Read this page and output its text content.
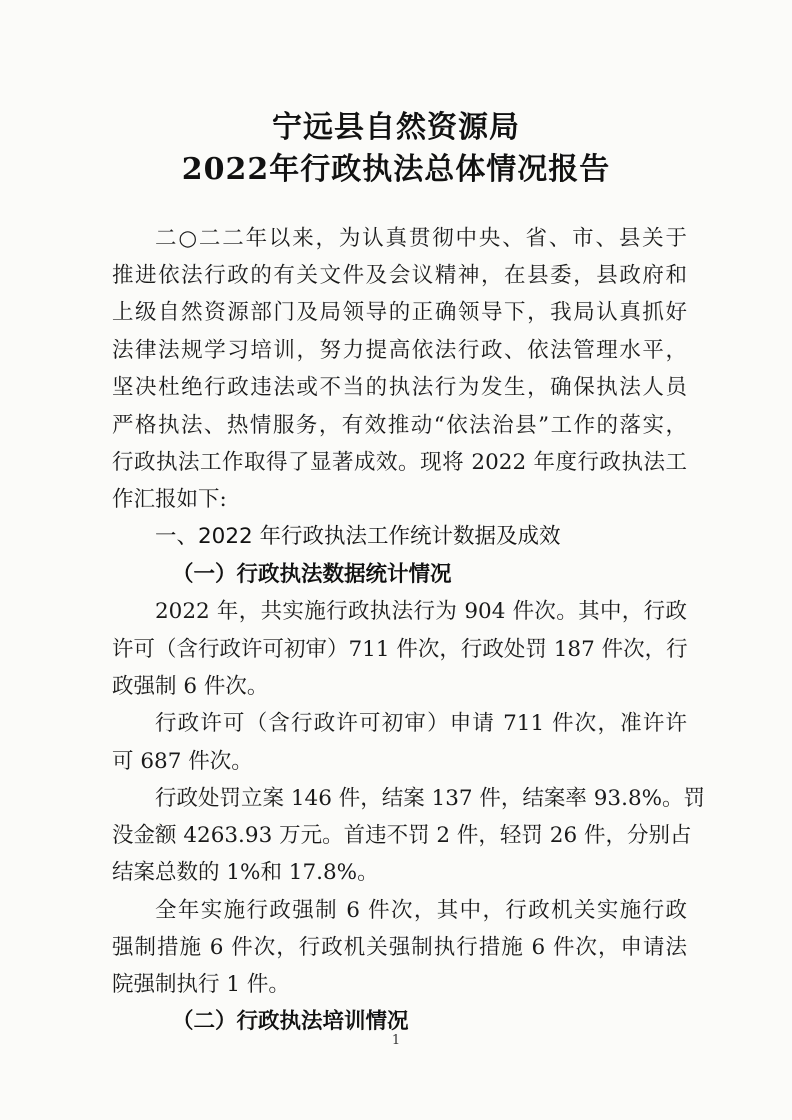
宁远县自然资源局
2022年行政执法总体情况报告
二○二二年以来，为认真贯彻中央、省、市、县关于
推进依法行政的有关文件及会议精神，在县委，县政府和
上级自然资源部门及局领导的正确领导下，我局认真抓好
法律法规学习培训，努力提高依法行政、依法管理水平，
坚决杜绝行政违法或不当的执法行为发生，确保执法人员
严格执法、热情服务，有效推动“依法治县”工作的落实，
行政执法工作取得了显著成效。现将 2022 年度行政执法工
作汇报如下:
一、2022 年行政执法工作统计数据及成效
（一）行政执法数据统计情况
2022 年，共实施行政执法行为 904 件次。其中，行政
许可（含行政许可初审）711 件次，行政处罚 187 件次，行
政强制 6 件次。
行政许可（含行政许可初审）申请 711 件次，准许许
可 687 件次。
行政处罚立案 146 件，结案 137 件，结案率 93.8%。罚
没金额 4263.93 万元。首违不罚 2 件，轻罚 26 件，分别占
结案总数的 1%和 17.8%。
全年实施行政强制 6 件次，其中，行政机关实施行政
强制措施 6 件次，行政机关强制执行措施 6 件次，申请法
院强制执行 1 件。
（二）行政执法培训情况
1
